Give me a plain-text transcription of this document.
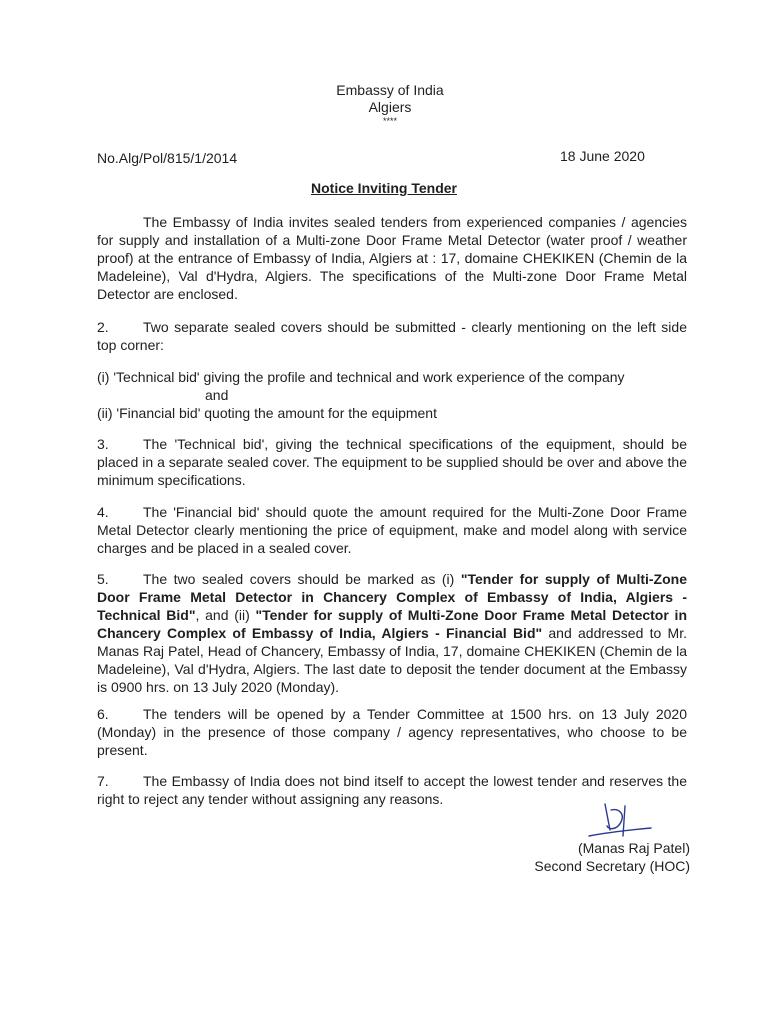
Embassy of India
Algiers
****
No.Alg/Pol/815/1/2014	18 June 2020
Notice Inviting Tender
The Embassy of India invites sealed tenders from experienced companies / agencies for supply and installation of a Multi-zone Door Frame Metal Detector (water proof / weather proof) at the entrance of Embassy of India, Algiers at : 17, domaine CHEKIKEN (Chemin de la Madeleine), Val d'Hydra, Algiers. The specifications of the Multi-zone Door Frame Metal Detector are enclosed.
2. Two separate sealed covers should be submitted - clearly mentioning on the left side top corner:
(i) 'Technical bid' giving the profile and technical and work experience of the company
and
(ii) 'Financial bid' quoting the amount for the equipment
3. The 'Technical bid', giving the technical specifications of the equipment, should be placed in a separate sealed cover. The equipment to be supplied should be over and above the minimum specifications.
4. The 'Financial bid' should quote the amount required for the Multi-Zone Door Frame Metal Detector clearly mentioning the price of equipment, make and model along with service charges and be placed in a sealed cover.
5. The two sealed covers should be marked as (i) "Tender for supply of Multi-Zone Door Frame Metal Detector in Chancery Complex of Embassy of India, Algiers - Technical Bid", and (ii) "Tender for supply of Multi-Zone Door Frame Metal Detector in Chancery Complex of Embassy of India, Algiers - Financial Bid" and addressed to Mr. Manas Raj Patel, Head of Chancery, Embassy of India, 17, domaine CHEKIKEN (Chemin de la Madeleine), Val d'Hydra, Algiers. The last date to deposit the tender document at the Embassy is 0900 hrs. on 13 July 2020 (Monday).
6. The tenders will be opened by a Tender Committee at 1500 hrs. on 13 July 2020 (Monday) in the presence of those company / agency representatives, who choose to be present.
7. The Embassy of India does not bind itself to accept the lowest tender and reserves the right to reject any tender without assigning any reasons.
(Manas Raj Patel)
Second Secretary (HOC)
